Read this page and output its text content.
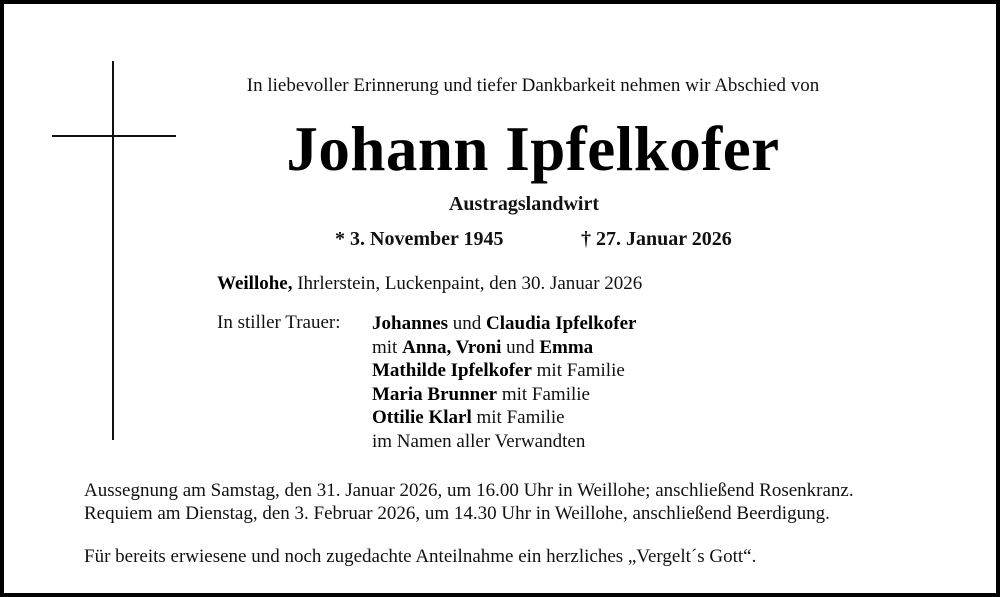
In liebevoller Erinnerung und tiefer Dankbarkeit nehmen wir Abschied von
Johann Ipfelkofer
Austragslandwirt
* 3. November 1945	† 27. Januar 2026
Weillohe, Ihrlerstein, Luckenpaint, den 30. Januar 2026
In stiller Trauer: Johannes und Claudia Ipfelkofer
mit Anna, Vroni und Emma
Mathilde Ipfelkofer mit Familie
Maria Brunner mit Familie
Ottilie Klarl mit Familie
im Namen aller Verwandten
Aussegnung am Samstag, den 31. Januar 2026, um 16.00 Uhr in Weillohe; anschließend Rosenkranz.
Requiem am Dienstag, den 3. Februar 2026, um 14.30 Uhr in Weillohe, anschließend Beerdigung.
Für bereits erwiesene und noch zugedachte Anteilnahme ein herzliches „Vergelt´s Gott“.
